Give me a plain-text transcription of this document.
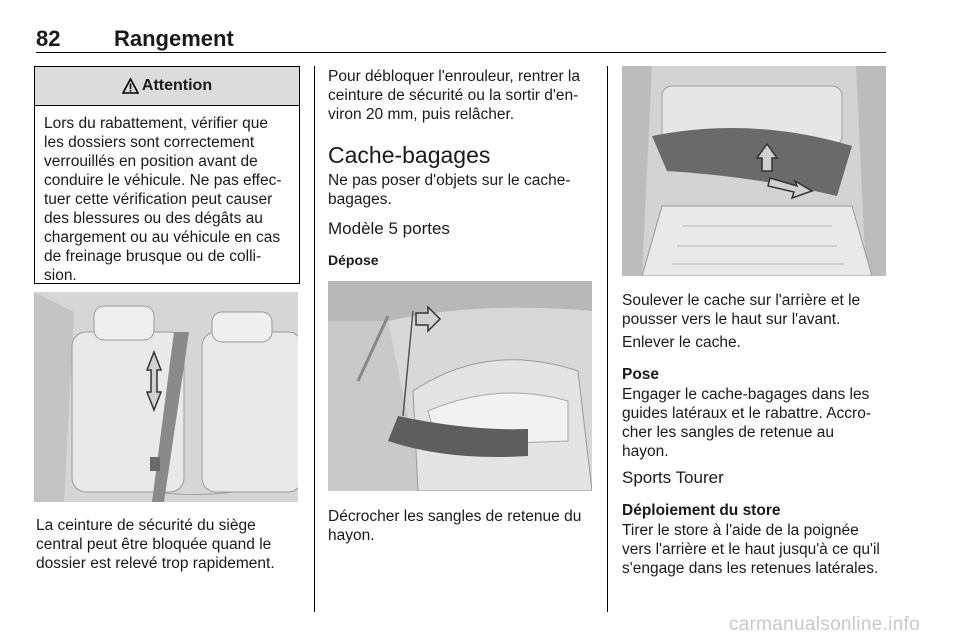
82 Rangement
Attention
Lors du rabattement, vérifier que
les dossiers sont correctement
verrouillés en position avant de
conduire le véhicule. Ne pas effec-
tuer cette vérification peut causer
des blessures ou des dégâts au
chargement ou au véhicule en cas
de freinage brusque ou de colli-
sion.
La ceinture de sécurité du siège
central peut être bloquée quand le
dossier est relevé trop rapidement.
Pour débloquer l'enrouleur, rentrer la
ceinture de sécurité ou la sortir d'en-
viron 20 mm, puis relâcher.
Cache-bagages
Ne pas poser d'objets sur le cache-
bagages.
Modèle 5 portes
Dépose
Décrocher les sangles de retenue du
hayon.
Soulever le cache sur l'arrière et le
pousser vers le haut sur l'avant.
Enlever le cache.
Pose
Engager le cache-bagages dans les
guides latéraux et le rabattre. Accro-
cher les sangles de retenue au
hayon.
Sports Tourer
Déploiement du store
Tirer le store à l'aide de la poignée
vers l'arrière et le haut jusqu'à ce qu'il
s'engage dans les retenues latérales.
carmanualsonline.info
